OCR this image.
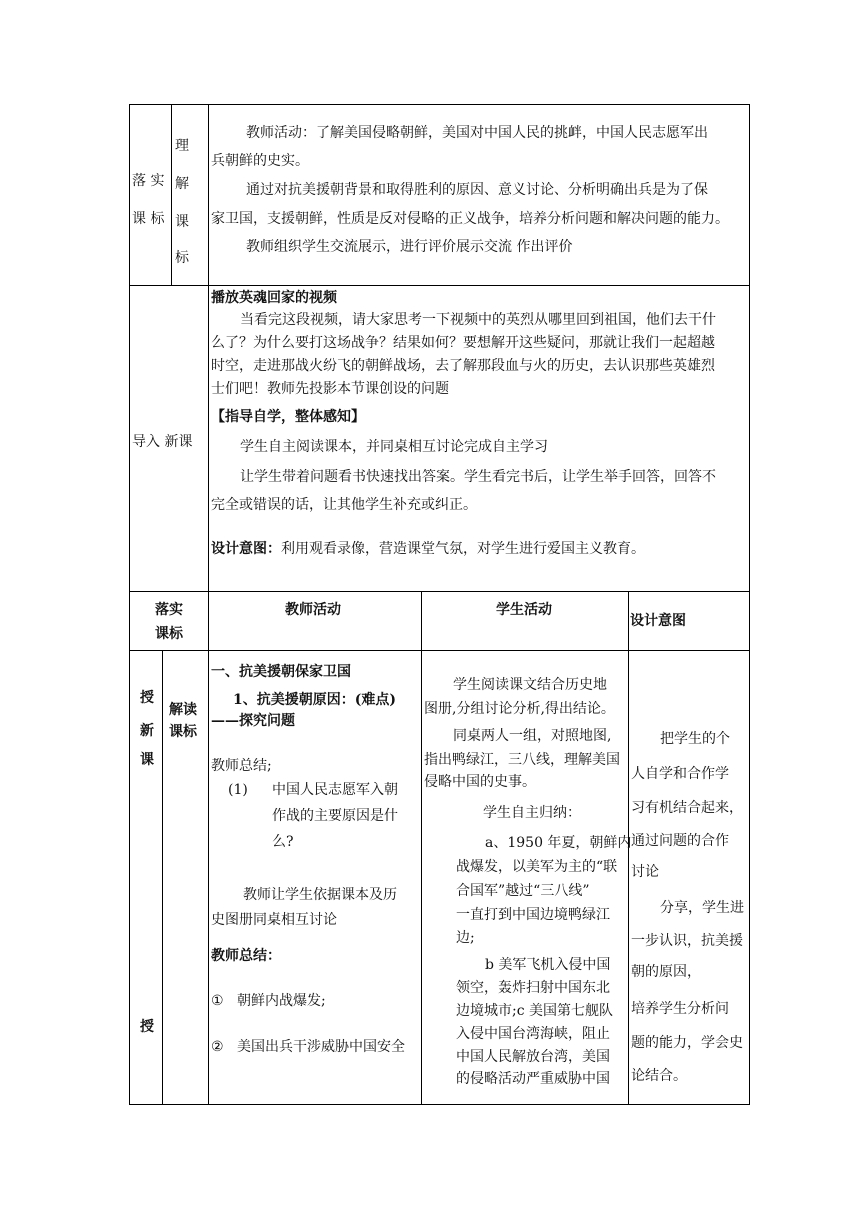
落 实
课 标
理
解
课
标
教师活动：了解美国侵略朝鲜，美国对中国人民的挑衅，中国人民志愿军出
兵朝鲜的史实。
通过对抗美援朝背景和取得胜利的原因、意义讨论、分析明确出兵是为了保
家卫国，支援朝鲜，性质是反对侵略的正义战争，培养分析问题和解决问题的能力。
教师组织学生交流展示，进行评价展示交流 作出评价
导入 新课
播放英魂回家的视频
当看完这段视频，请大家思考一下视频中的英烈从哪里回到祖国，他们去干什
么了？为什么要打这场战争？结果如何？要想解开这些疑问，那就让我们一起超越
时空，走进那战火纷飞的朝鲜战场，去了解那段血与火的历史，去认识那些英雄烈
士们吧！教师先投影本节课创设的问题
【指导自学，整体感知】
学生自主阅读课本，并同桌相互讨论完成自主学习
让学生带着问题看书快速找出答案。学生看完书后，让学生举手回答，回答不
完全或错误的话，让其他学生补充或纠正。
设计意图：利用观看录像，营造课堂气氛，对学生进行爱国主义教育。
落实
课标
教师活动	学生活动
设计意图
授
新
课
授
解读
课标
一、抗美援朝保家卫国
1、抗美援朝原因：(难点)
——探究问题
教师总结;
(1) 中国人民志愿军入朝
作战的主要原因是什
么?
教师让学生依据课本及历
史图册同桌相互讨论
教师总结：
① 朝鲜内战爆发;
② 美国出兵干涉威胁中国安全
学生阅读课文结合历史地
图册,分组讨论分析,得出结论。
同桌两人一组，对照地图,
指出鸭绿江，三八线，理解美国
侵略中国的史事。
学生自主归纳：
a、1950 年夏，朝鲜内
战爆发，以美军为主的“联
合国军”越过“三八线”
一直打到中国边境鸭绿江
边;
b 美军飞机入侵中国
领空，轰炸扫射中国东北
边境城市;c 美国第七舰队
入侵中国台湾海峡，阻止
中国人民解放台湾，美国
的侵略活动严重威胁中国
把学生的个
人自学和合作学
习有机结合起来，
通过问题的合作
讨论
分享，学生进
一步认识，抗美援
朝的原因，
培养学生分析问
题的能力，学会史
论结合。
